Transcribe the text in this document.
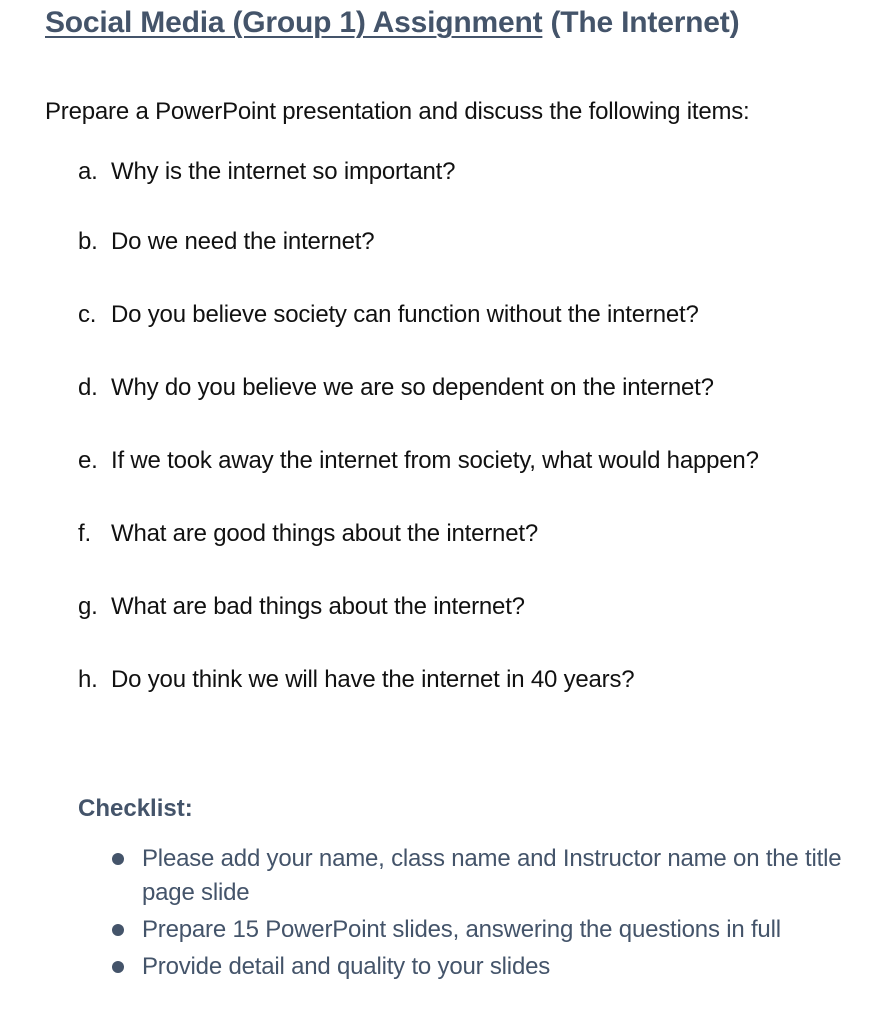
Social Media (Group 1) Assignment (The Internet)
Prepare a PowerPoint presentation and discuss the following items:
a. Why is the internet so important?
b. Do we need the internet?
c. Do you believe society can function without the internet?
d. Why do you believe we are so dependent on the internet?
e. If we took away the internet from society, what would happen?
f. What are good things about the internet?
g. What are bad things about the internet?
h. Do you think we will have the internet in 40 years?
Checklist:
Please add your name, class name and Instructor name on the title page slide
Prepare 15 PowerPoint slides, answering the questions in full
Provide detail and quality to your slides
